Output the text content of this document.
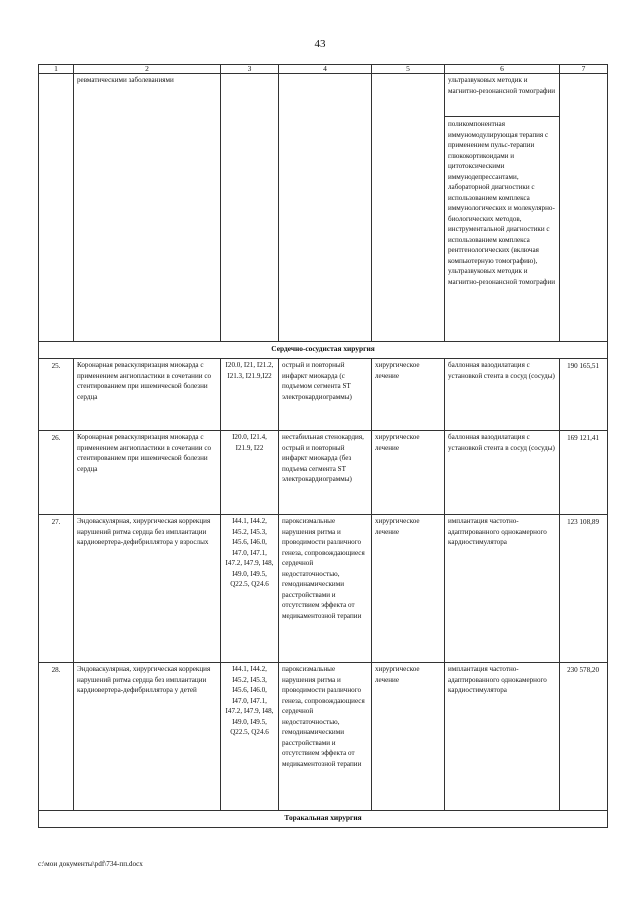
43
1	2	3	4	5	6	7
	ревматическими заболеваниями				ультразвуковых методик и магнитно-резонансной томографии
поликомпонентная иммуномодулирующая терапия с применением пульс-терапии глюкокортикоидами и цитотоксическими иммунодепрессантами, лабораторной диагностики с использованием комплекса иммунологических и молекулярно-биологических методов, инструментальной диагностики с использованием комплекса рентгенологических (включая компьютерную томографию), ультразвуковых методик и магнитно-резонансной томографии	

Сердечно-сосудистая хирургия						
25.	Коронарная реваскуляризация миокарда с применением ангиопластики в сочетании со стентированием при ишемической болезни сердца	I20.0, I21, I21.2, I21.3, I21.9,I22	острый и повторный инфаркт миокарда (с подъемом сегмента ST электрокардиограммы)	хирургическое лечение	баллонная вазодилатация с установкой стента в сосуд (сосуды)	190 165,51
26.	Коронарная реваскуляризация миокарда с применением ангиопластики в сочетании со стентированием при ишемической болезни сердца	I20.0, I21.4, I21.9, I22	нестабильная стенокардия, острый и повторный инфаркт миокарда (без подъема сегмента ST электрокардиограммы)	хирургическое лечение	баллонная вазодилатация с установкой стента в сосуд (сосуды)	169 121,41
27.	Эндоваскулярная, хирургическая коррекция нарушений ритма сердца без имплантации кардиовертера-дефибриллятора у взрослых	I44.1, I44.2, I45.2, I45.3, I45.6, I46.0, I47.0, I47.1, I47.2, I47.9, I48, I49.0, I49.5, Q22.5, Q24.6	пароксизмальные нарушения ритма и проводимости различного генеза, сопровождающиеся сердечной недостаточностью, гемодинамическими расстройствами и отсутствием эффекта от медикаментозной терапии	хирургическое лечение	имплантация частотно-адаптированного однокамерного кардиостимулятора	123 108,89
28.	Эндоваскулярная, хирургическая коррекция нарушений ритма сердца без имплантации кардиовертера-дефибриллятора у детей	I44.1, I44.2, I45.2, I45.3, I45.6, I46.0, I47.0, I47.1, I47.2, I47.9, I48, I49.0, I49.5, Q22.5, Q24.6	пароксизмальные нарушения ритма и проводимости различного генеза, сопровождающиеся сердечной недостаточностью, гемодинамическими расстройствами и отсутствием эффекта от медикаментозной терапии	хирургическое лечение	имплантация частотно-адаптированного однокамерного кардиостимулятора	230 578,20
Торакальная хирургия						
c:\мои документы\pdf\734-пп.docx
